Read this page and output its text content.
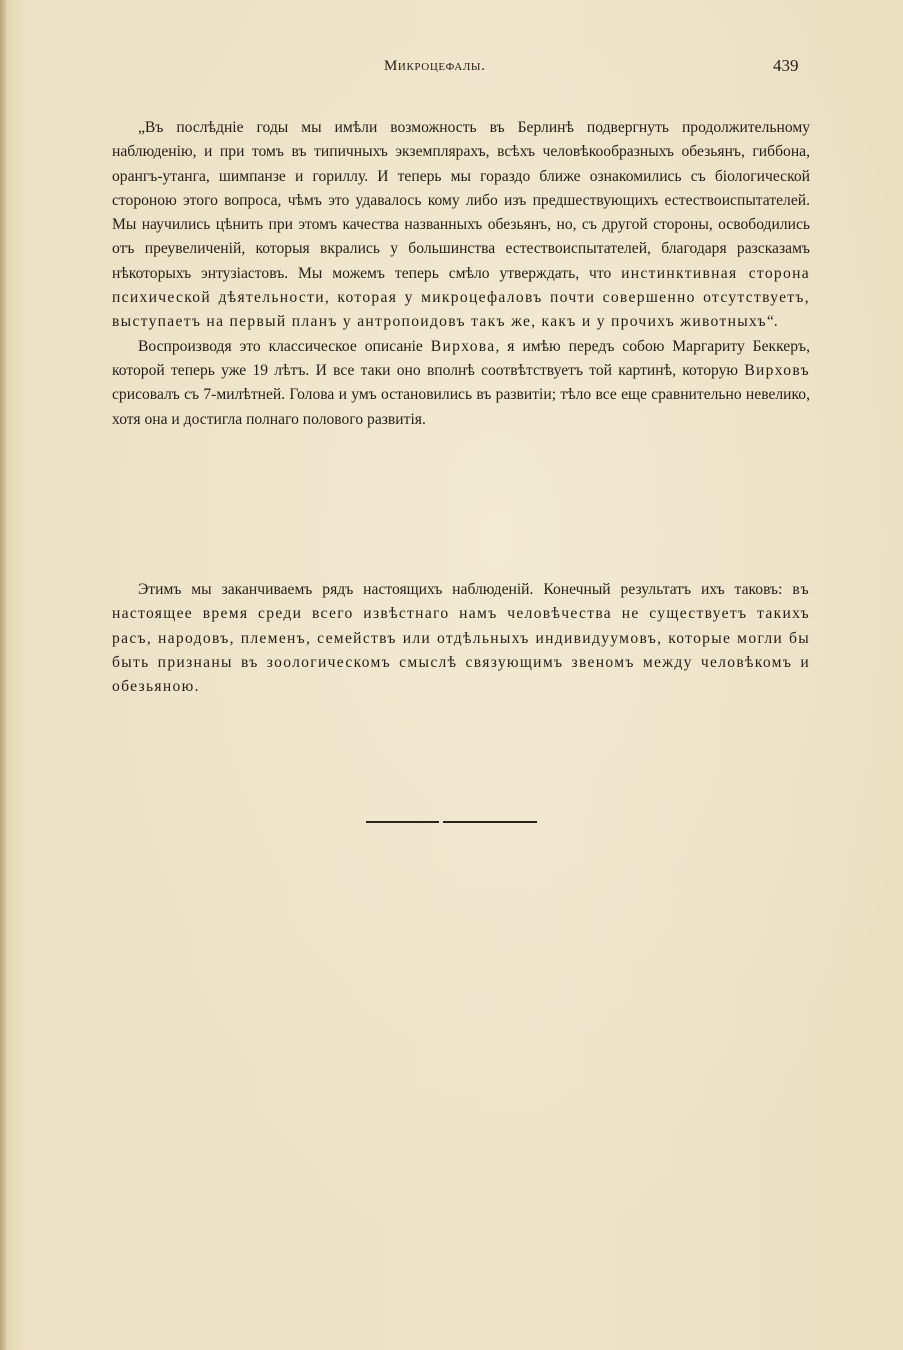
Микроцефалы.	439

„Въ послѣдніе годы мы имѣли возможность въ Берлинѣ подвергнуть продолжительному наблюденію, и при томъ въ типичныхъ экземплярахъ, всѣхъ человѣкообразныхъ обезьянъ, гиббона, орангъ-утанга, шимпанзе и гориллу. И теперь мы гораздо ближе ознакомились съ біологической стороною этого вопроса, чѣмъ это удавалось кому либо изъ предшествующихъ естествоиспытателей. Мы научились цѣнить при этомъ качества названныхъ обезьянъ, но, съ другой стороны, освободились отъ преувеличеній, которыя вкрались у большинства естествоиспытателей, благодаря разсказамъ нѣкоторыхъ энтузіастовъ. Мы можемъ теперь смѣло утверждать, что инстинктивная сторона психической дѣятельности, которая у микроцефаловъ почти совершенно отсутствуетъ, выступаетъ на первый планъ у антропоидовъ такъ же, какъ и у прочихъ животныхъ“.

Воспроизводя это классическое описаніе Вирхова, я имѣю передъ собою Маргариту Беккеръ, которой теперь уже 19 лѣтъ. И все таки оно вполнѣ соотвѣтствуетъ той картинѣ, которую Вирховъ срисовалъ съ 7-милѣтней. Голова и умъ остановились въ развитіи; тѣло все еще сравнительно невелико, хотя она и достигла полнаго полового развитія.

Этимъ мы заканчиваемъ рядъ настоящихъ наблюденій. Конечный результатъ ихъ таковъ: въ настоящее время среди всего извѣстнаго намъ человѣчества не существуетъ такихъ расъ, народовъ, племенъ, семействъ или отдѣльныхъ индивидуумовъ, которые могли бы быть признаны въ зоологическомъ смыслѣ связующимъ звеномъ между человѣкомъ и обезьяною.
